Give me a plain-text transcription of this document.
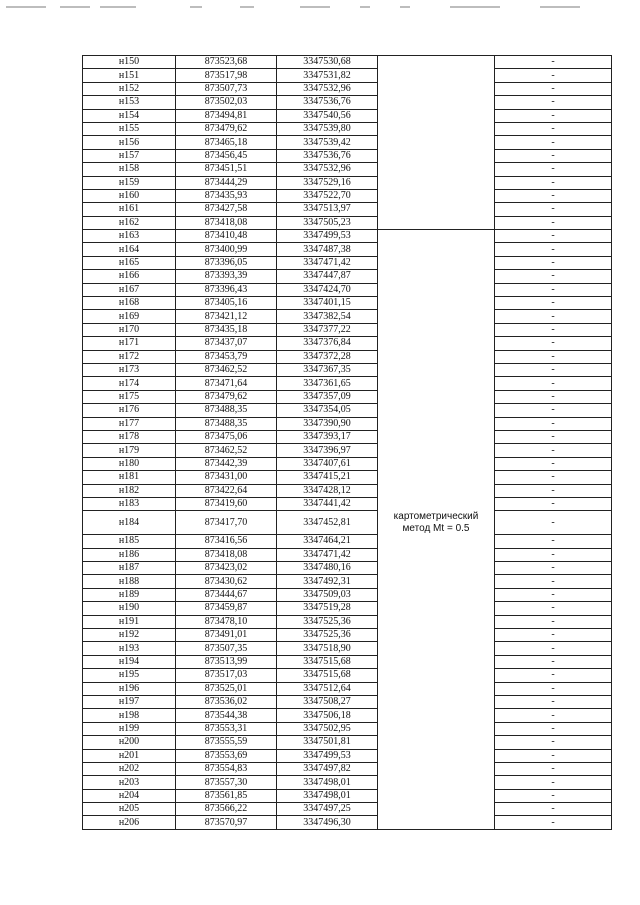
н150	873523,68	3347530,68		-
н151	873517,98	3347531,82		-
н152	873507,73	3347532,96		-
н153	873502,03	3347536,76		-
н154	873494,81	3347540,56		-
н155	873479,62	3347539,80		-
н156	873465,18	3347539,42		-
н157	873456,45	3347536,76		-
н158	873451,51	3347532,96		-
н159	873444,29	3347529,16		-
н160	873435,93	3347522,70		-
н161	873427,58	3347513,97		-
н162	873418,08	3347505,23		-
н163	873410,48	3347499,53		-
н164	873400,99	3347487,38		-
н165	873396,05	3347471,42		-
н166	873393,39	3347447,87		-
н167	873396,43	3347424,70		-
н168	873405,16	3347401,15		-
н169	873421,12	3347382,54		-
н170	873435,18	3347377,22		-
н171	873437,07	3347376,84		-
н172	873453,79	3347372,28		-
н173	873462,52	3347367,35		-
н174	873471,64	3347361,65		-
н175	873479,62	3347357,09		-
н176	873488,35	3347354,05		-
н177	873488,35	3347390,90		-
н178	873475,06	3347393,17		-
н179	873462,52	3347396,97		-
н180	873442,39	3347407,61		-
н181	873431,00	3347415,21		-
н182	873422,64	3347428,12		-
н183	873419,60	3347441,42		-
н184	873417,70	3347452,81	картометрический
метод Mt = 0.5	-
н185	873416,56	3347464,21		-
н186	873418,08	3347471,42		-
н187	873423,02	3347480,16		-
н188	873430,62	3347492,31		-
н189	873444,67	3347509,03		-
н190	873459,87	3347519,28		-
н191	873478,10	3347525,36		-
н192	873491,01	3347525,36		-
н193	873507,35	3347518,90		-
н194	873513,99	3347515,68		-
н195	873517,03	3347515,68		-
н196	873525,01	3347512,64		-
н197	873536,02	3347508,27		-
н198	873544,38	3347506,18		-
н199	873553,31	3347502,95		-
н200	873555,59	3347501,81		-
н201	873553,69	3347499,53		-
н202	873554,83	3347497,82		-
н203	873557,30	3347498,01		-
н204	873561,85	3347498,01		-
н205	873566,22	3347497,25		-
н206	873570,97	3347496,30		-
